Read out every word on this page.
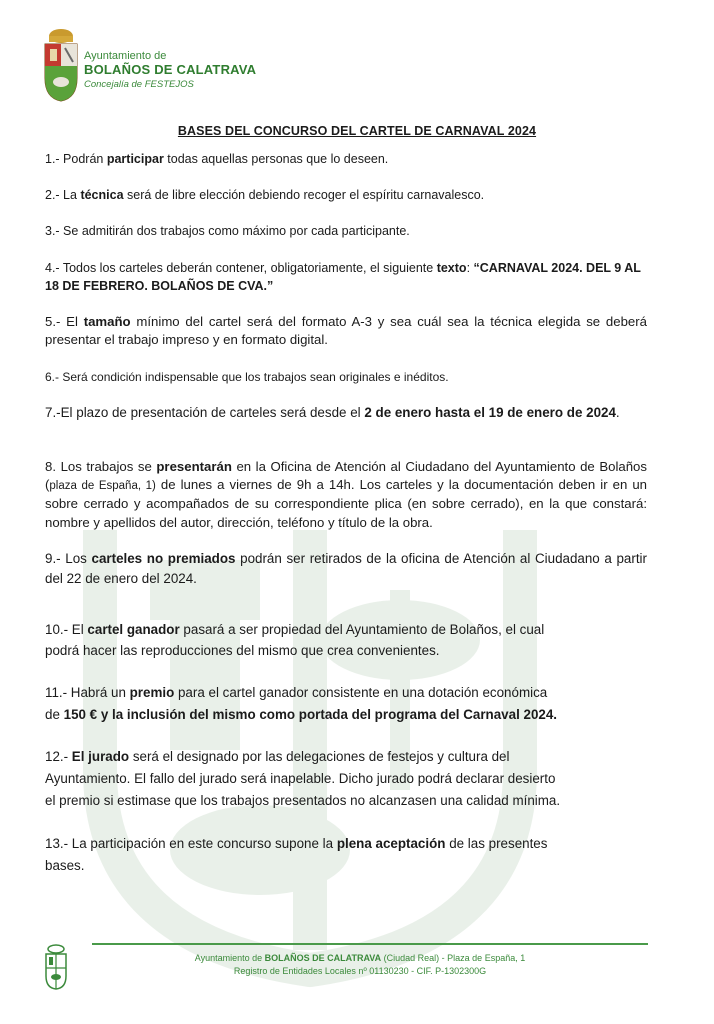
Ayuntamiento de
BOLAÑOS DE CALATRAVA
Concejalía de FESTEJOS
BASES DEL CONCURSO DEL CARTEL DE CARNAVAL 2024
1.- Podrán participar todas aquellas personas que lo deseen.
2.- La técnica será de libre elección debiendo recoger el espíritu carnavalesco.
3.- Se admitirán dos trabajos como máximo por cada participante.
4.- Todos los carteles deberán contener, obligatoriamente, el siguiente texto: “CARNAVAL 2024. DEL 9 AL 18 DE FEBRERO. BOLAÑOS DE CVA.”
5.- El tamaño mínimo del cartel será del formato A-3 y sea cuál sea la técnica elegida se deberá presentar el trabajo impreso y en formato digital.
6.- Será condición indispensable que los trabajos sean originales e inéditos.
7.-El plazo de presentación de carteles será desde el 2 de enero hasta el 19 de enero de 2024.
8. Los trabajos se presentarán en la Oficina de Atención al Ciudadano del Ayuntamiento de Bolaños (plaza de España, 1) de lunes a viernes de 9h a 14h. Los carteles y la documentación deben ir en un sobre cerrado y acompañados de su correspondiente plica (en sobre cerrado), en la que constará: nombre y apellidos del autor, dirección, teléfono y título de la obra.
9.- Los carteles no premiados podrán ser retirados de la oficina de Atención al Ciudadano a partir del 22 de enero del 2024.
10.- El cartel ganador pasará a ser propiedad del Ayuntamiento de Bolaños, el cual
podrá hacer las reproducciones del mismo que crea convenientes.
11.- Habrá un premio para el cartel ganador consistente en una dotación económica
de 150 € y la inclusión del mismo como portada del programa del Carnaval 2024.
12.- El jurado será el designado por las delegaciones de festejos y cultura del
Ayuntamiento. El fallo del jurado será inapelable. Dicho jurado podrá declarar desierto
el premio si estimase que los trabajos presentados no alcanzasen una calidad mínima.
13.- La participación en este concurso supone la plena aceptación de las presentes
bases.
Ayuntamiento de BOLAÑOS DE CALATRAVA (Ciudad Real) - Plaza de España, 1
Registro de Entidades Locales nº 01130230 - CIF. P-1302300G
